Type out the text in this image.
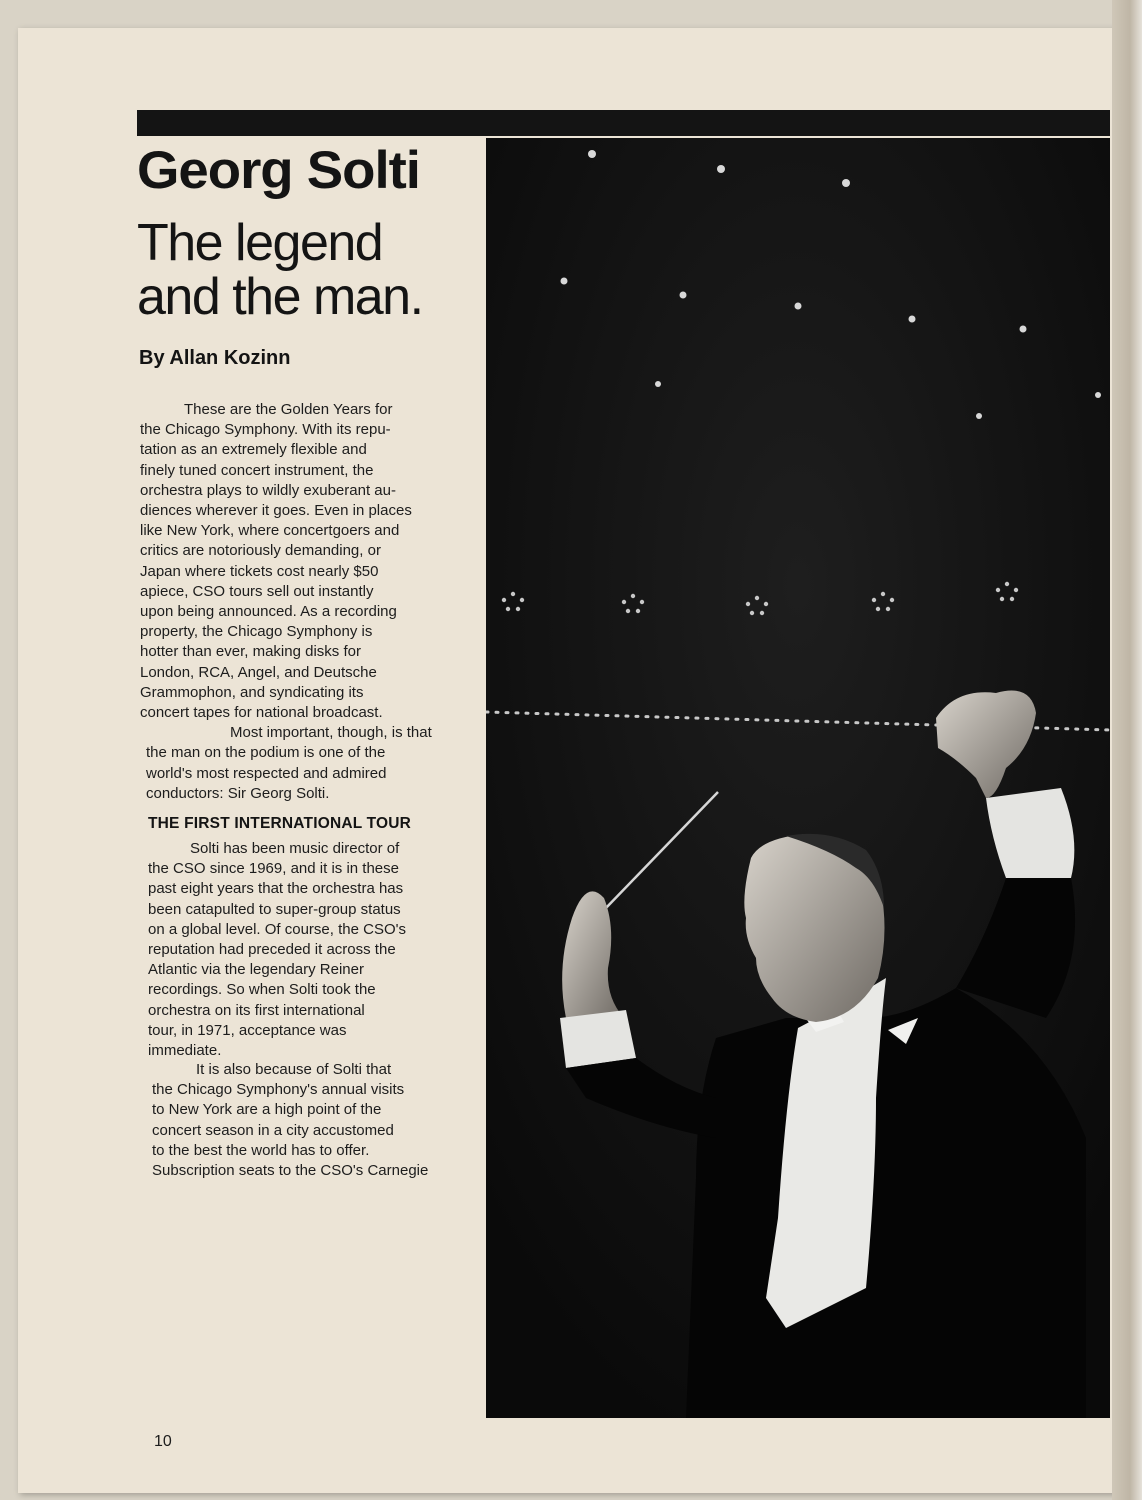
Georg Solti
The legend
and the man.

By Allan Kozinn

These are the Golden Years for
the Chicago Symphony. With its repu-
tation as an extremely flexible and
finely tuned concert instrument, the
orchestra plays to wildly exuberant au-
diences wherever it goes. Even in places
like New York, where concertgoers and
critics are notoriously demanding, or
Japan where tickets cost nearly $50
apiece, CSO tours sell out instantly
upon being announced. As a recording
property, the Chicago Symphony is
hotter than ever, making disks for
London, RCA, Angel, and Deutsche
Grammophon, and syndicating its
concert tapes for national broadcast.
Most important, though, is that
the man on the podium is one of the
world's most respected and admired
conductors: Sir Georg Solti.
THE FIRST INTERNATIONAL TOUR
Solti has been music director of
the CSO since 1969, and it is in these
past eight years that the orchestra has
been catapulted to super-group status
on a global level. Of course, the CSO's
reputation had preceded it across the
Atlantic via the legendary Reiner
recordings. So when Solti took the
orchestra on its first international
tour, in 1971, acceptance was
immediate.
It is also because of Solti that
the Chicago Symphony's annual visits
to New York are a high point of the
concert season in a city accustomed
to the best the world has to offer.
Subscription seats to the CSO's Carnegie
10
